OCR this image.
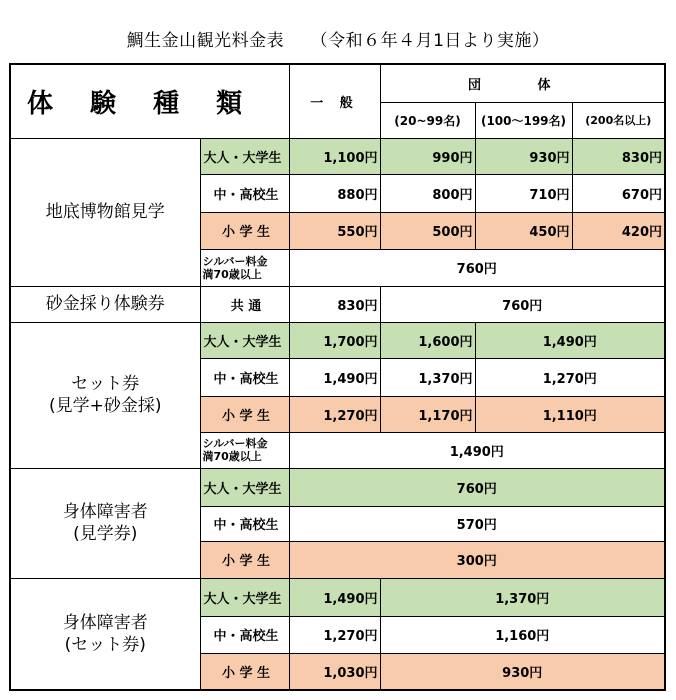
鯛生金山観光料金表　　（令和６年４月1日より実施）
体 験 種 類		一 般	団 体		
			(20~99名)	(100～199名)	(200名以上)
地底博物館見学	大人・大学生	1,100円	990円	930円	830円
	中・高校生	880円	800円	710円	670円
	小 学 生	550円	500円	450円	420円
	シルバー料金
満70歳以上	760円			
砂金採り体験券	共 通	830円	760円		
セット券
(見学+砂金採)	大人・大学生	1,700円	1,600円	1,490円	
	中・高校生	1,490円	1,370円	1,270円	
	小 学 生	1,270円	1,170円	1,110円	
	シルバー料金
満70歳以上	1,490円			
身体障害者
(見学券)	大人・大学生	760円			
	中・高校生	570円			
	小 学 生	300円			
身体障害者
(セット券)	大人・大学生	1,490円	1,370円		
	中・高校生	1,270円	1,160円		
	小 学 生	1,030円	930円		
